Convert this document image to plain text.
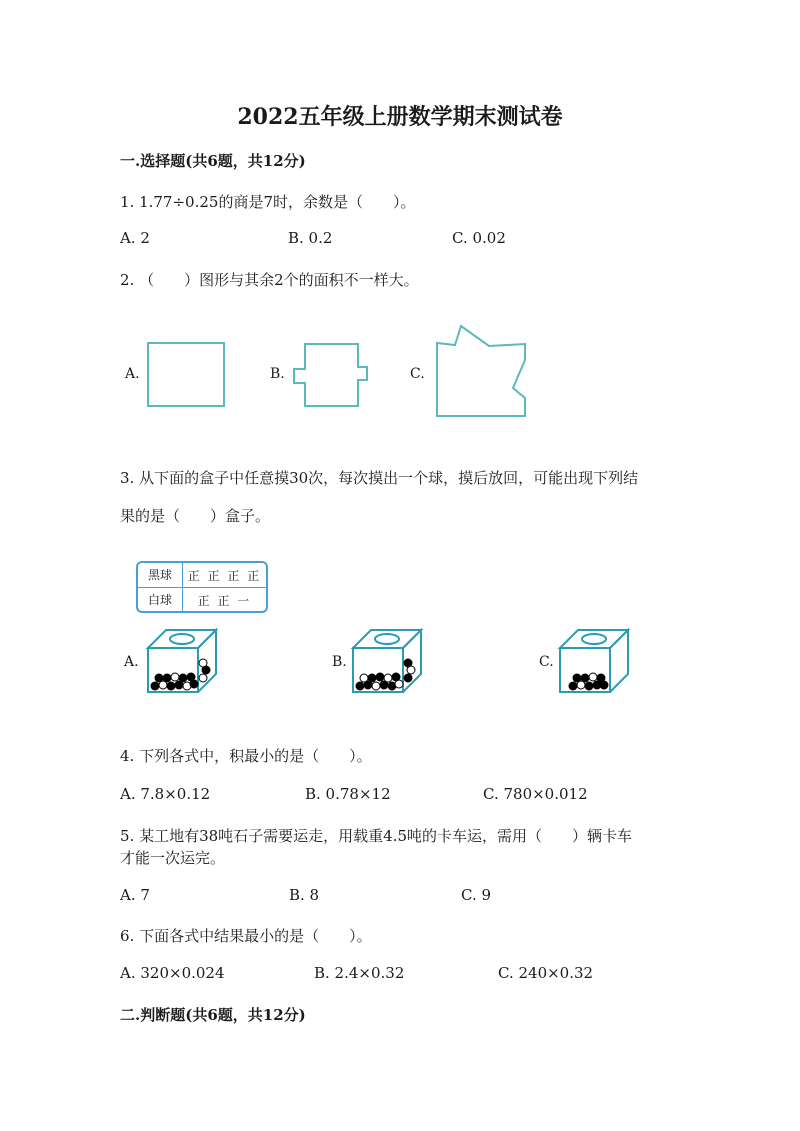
2022五年级上册数学期末测试卷
一.选择题(共6题，共12分)
1. 1.77÷0.25的商是7时，余数是（　　）。
A. 2	B. 0.2	C. 0.02
2. （　　）图形与其余2个的面积不一样大。
A.	B.	C.
3. 从下面的盒子中任意摸30次，每次摸出一个球，摸后放回，可能出现下列结
果的是（　　）盒子。
黑球	正 正 正 正
白球	正 正 一
A.	B.	C.
4. 下列各式中，积最小的是（　　）。
A. 7.8×0.12	B. 0.78×12	C. 780×0.012
5. 某工地有38吨石子需要运走，用载重4.5吨的卡车运，需用（　　）辆卡车
才能一次运完。
A. 7	B. 8	C. 9
6. 下面各式中结果最小的是（　　）。
A. 320×0.024	B. 2.4×0.32	C. 240×0.32
二.判断题(共6题，共12分)
